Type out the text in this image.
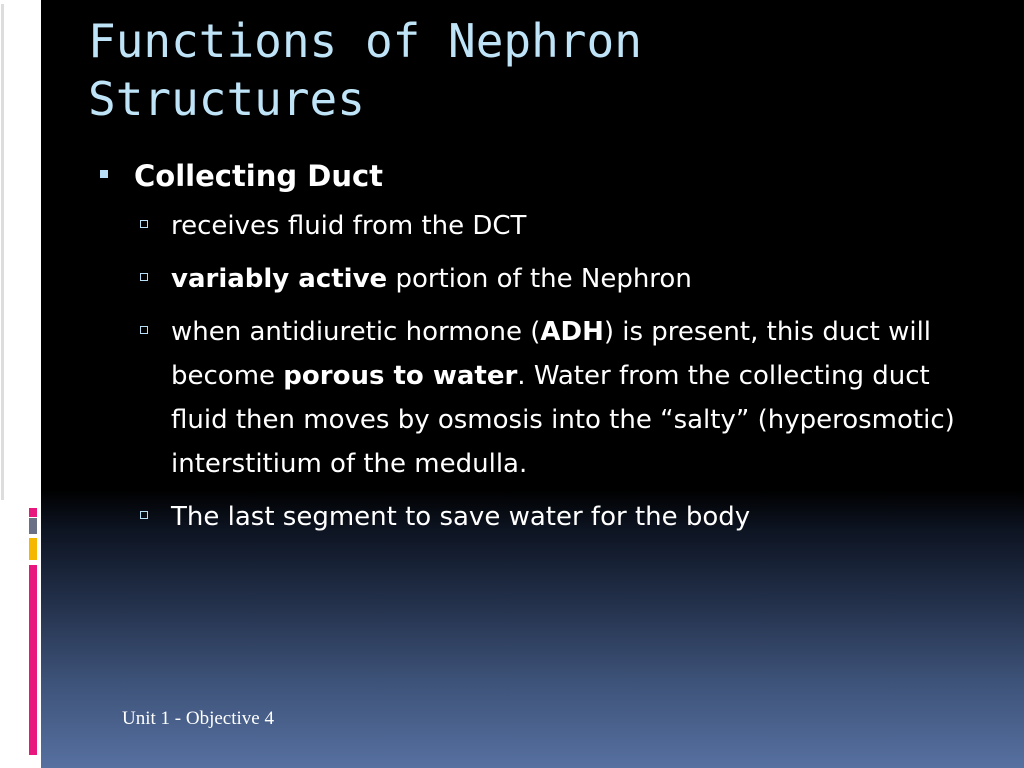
Functions of Nephron
Structures
Collecting Duct
receives fluid from the DCT
variably active portion of the Nephron
when antidiuretic hormone (ADH) is present, this duct will become porous to water. Water from the collecting duct fluid then moves by osmosis into the “salty” (hyperosmotic) interstitium of the medulla.
The last segment to save water for the body
Unit 1 - Objective 4
